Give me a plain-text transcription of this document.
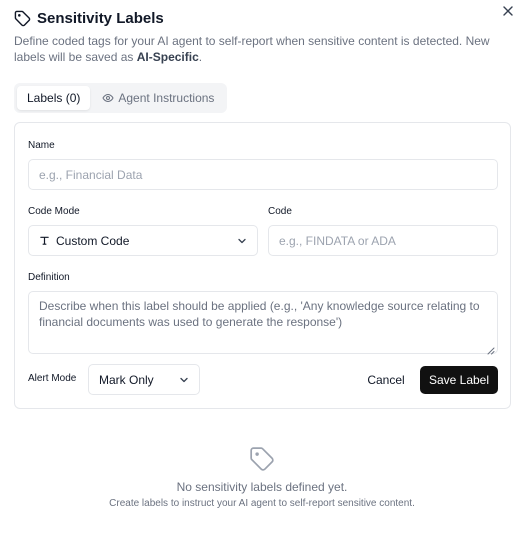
Sensitivity Labels

Define coded tags for your AI agent to self-report when sensitive content is detected. New labels will be saved as AI-Specific.

Labels (0)	Agent Instructions
Name
e.g., Financial Data
Code Mode
Custom Code
Code
e.g., FINDATA or ADA
Definition
Describe when this label should be applied (e.g., 'Any knowledge source relating to financial documents was used to generate the response')
Alert Mode Mark Only	Cancel Save Label
No sensitivity labels defined yet.
Create labels to instruct your AI agent to self-report sensitive content.
